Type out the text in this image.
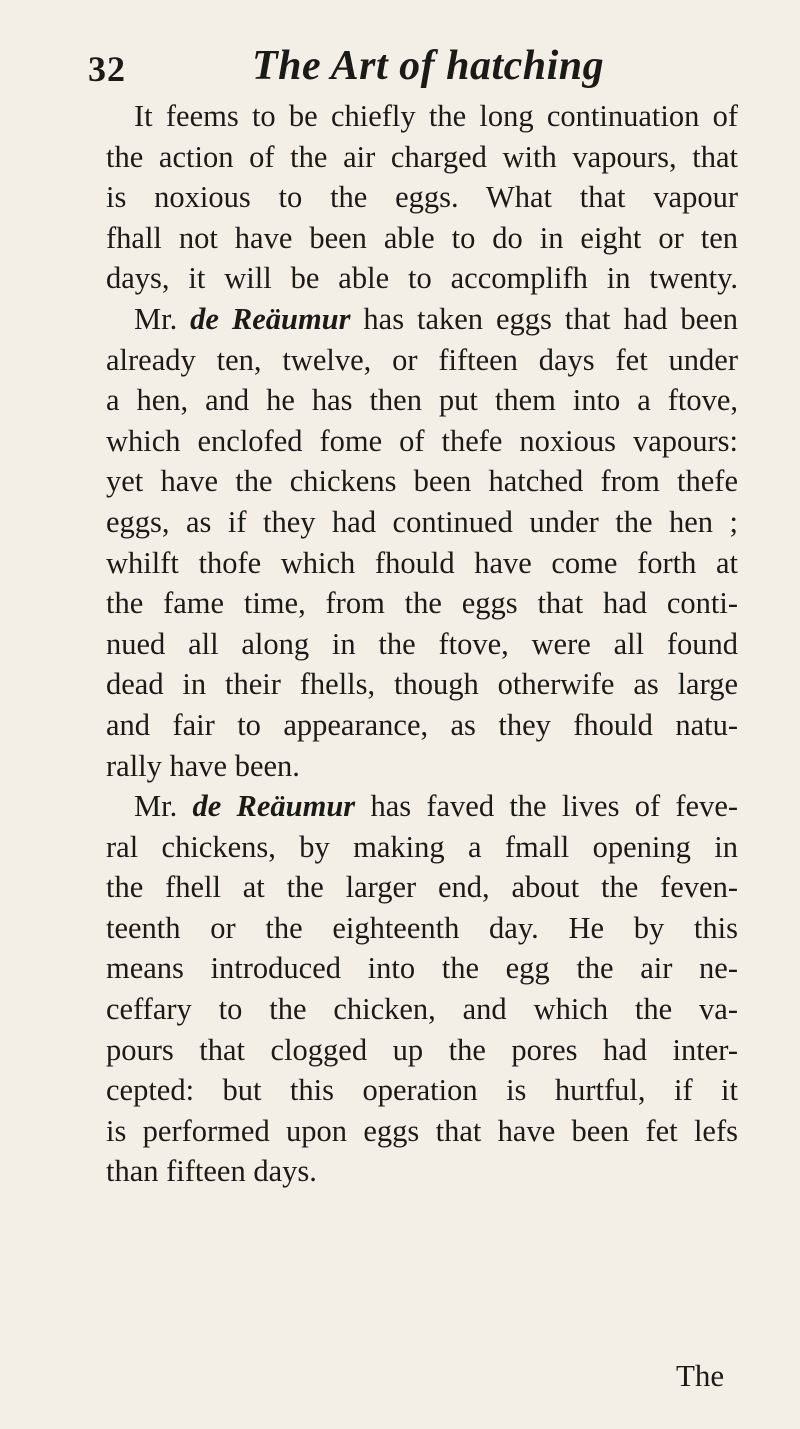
32	The Art of hatching
It feems to be chiefly the long continuation of
the action of the air charged with vapours, that
is noxious to the eggs. What that vapour
fhall not have been able to do in eight or ten
days, it will be able to accomplifh in twenty.
Mr. de Reäumur has taken eggs that had been
already ten, twelve, or fifteen days fet under
a hen, and he has then put them into a ftove,
which enclofed fome of thefe noxious vapours:
yet have the chickens been hatched from thefe
eggs, as if they had continued under the hen ;
whilft thofe which fhould have come forth at
the fame time, from the eggs that had conti-
nued all along in the ftove, were all found
dead in their fhells, though otherwife as large
and fair to appearance, as they fhould natu-
rally have been.
Mr. de Reäumur has faved the lives of feve-
ral chickens, by making a fmall opening in
the fhell at the larger end, about the feven-
teenth or the eighteenth day. He by this
means introduced into the egg the air ne-
ceffary to the chicken, and which the va-
pours that clogged up the pores had inter-
cepted: but this operation is hurtful, if it
is performed upon eggs that have been fet lefs
than fifteen days.
The
